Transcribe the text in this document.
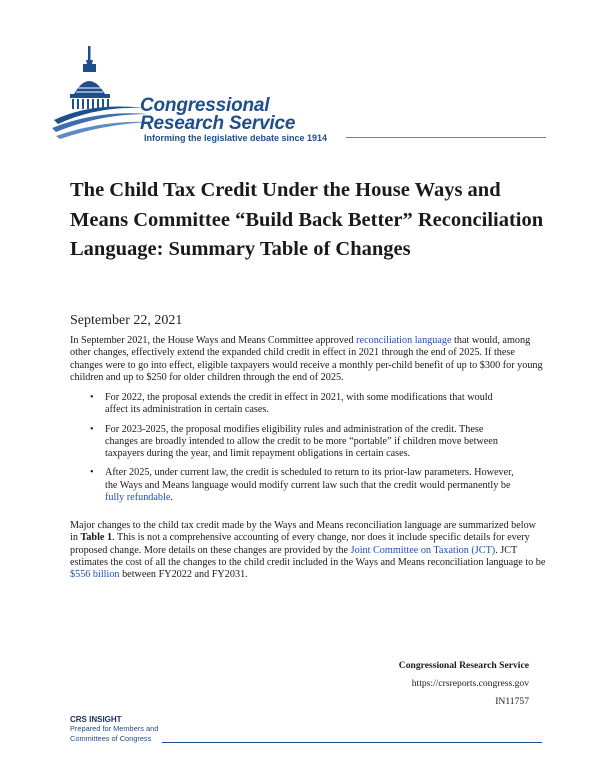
Congressional
Research Service
Informing the legislative debate since 1914
The Child Tax Credit Under the House Ways and Means Committee “Build Back Better” Reconciliation Language: Summary Table of Changes
September 22, 2021

In September 2021, the House Ways and Means Committee approved reconciliation language that would, among other changes, effectively extend the expanded child credit in effect in 2021 through the end of 2025. If these changes were to go into effect, eligible taxpayers would receive a monthly per-child benefit of up to $300 for young children and up to $250 for older children through the end of 2025.

• For 2022, the proposal extends the credit in effect in 2021, with some modifications that would affect its administration in certain cases.
• For 2023-2025, the proposal modifies eligibility rules and administration of the credit. These changes are broadly intended to allow the credit to be more “portable” if children move between taxpayers during the year, and limit repayment obligations in certain cases.
• After 2025, under current law, the credit is scheduled to return to its prior-law parameters. However, the Ways and Means language would modify current law such that the credit would permanently be fully refundable.

Major changes to the child tax credit made by the Ways and Means reconciliation language are summarized below in Table 1. This is not a comprehensive accounting of every change, nor does it include specific details for every proposed change. More details on these changes are provided by the Joint Committee on Taxation (JCT). JCT estimates the cost of all the changes to the child credit included in the Ways and Means reconciliation language to be $556 billion between FY2022 and FY2031.

Congressional Research Service
https://crsreports.congress.gov
IN11757
CRS INSIGHT
Prepared for Members and
Committees of Congress
